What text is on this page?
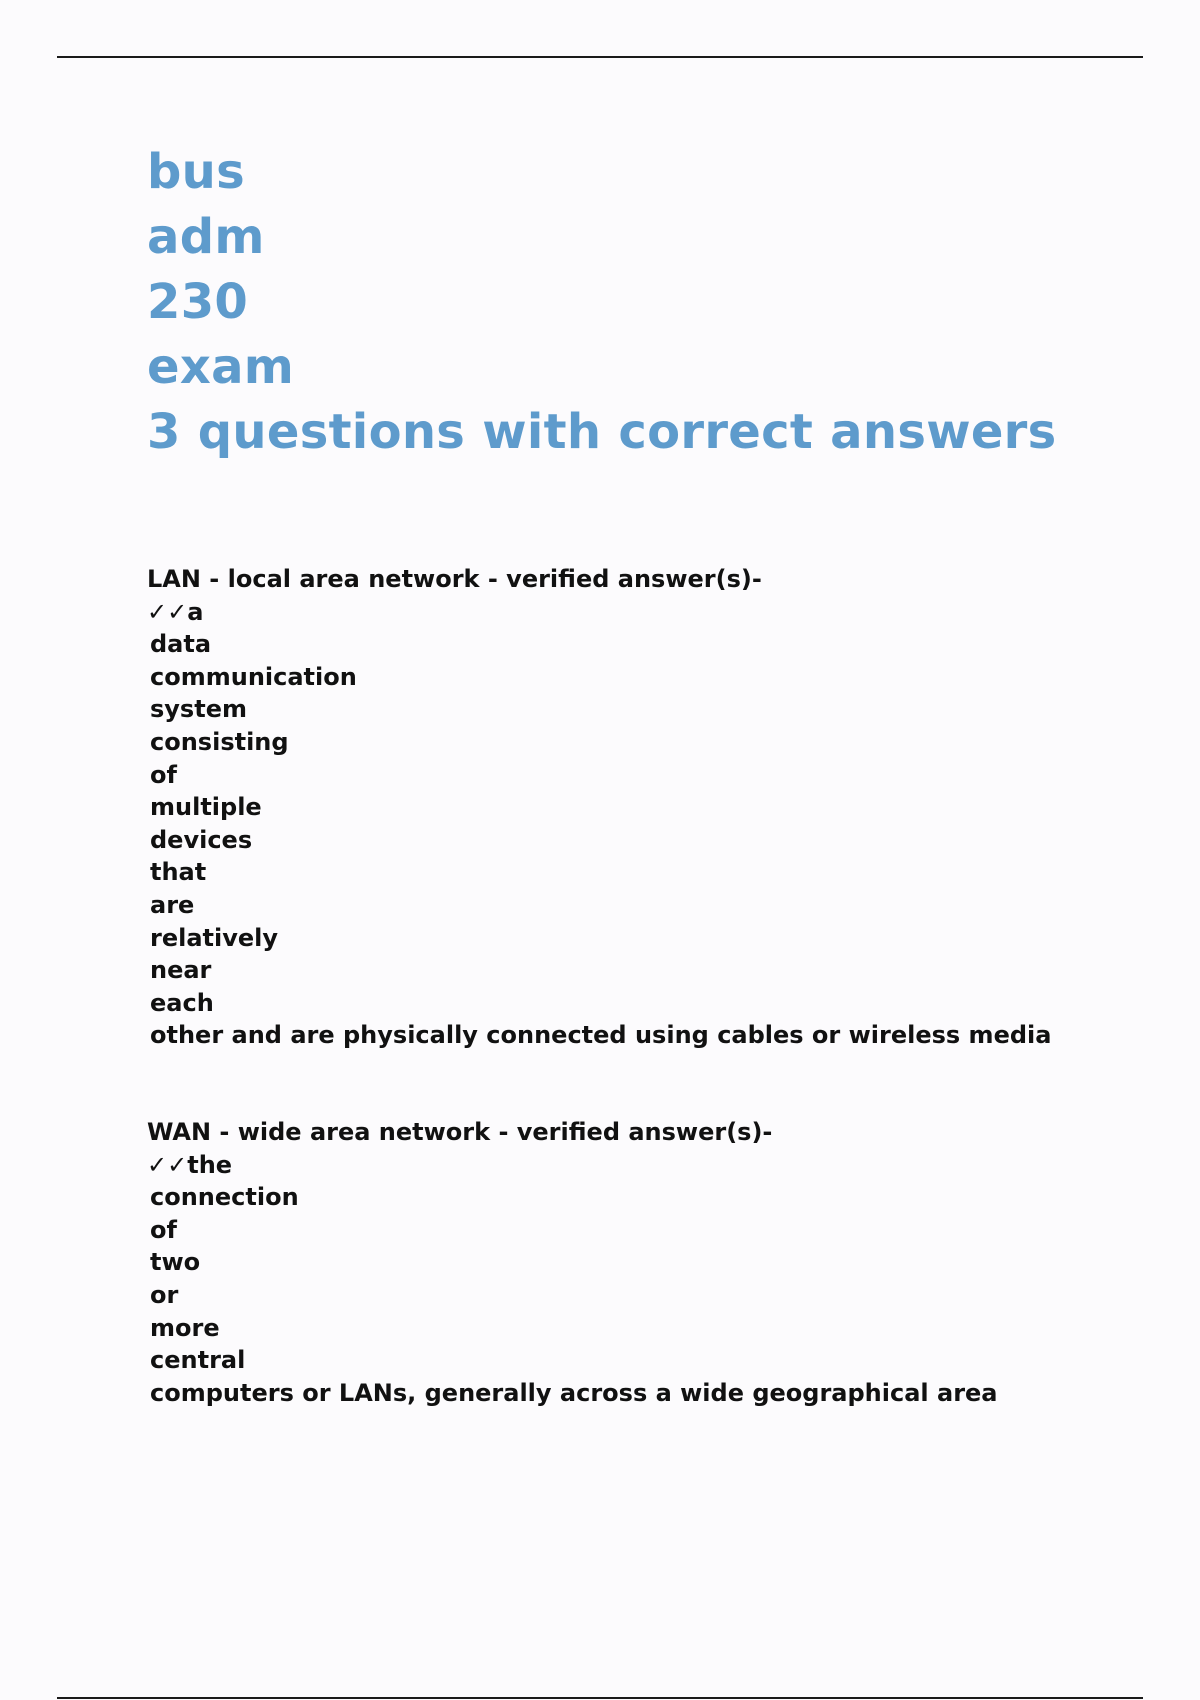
bus
adm
230
exam
3 questions with correct answers
LAN - local area network - verified answer(s)-
✓✓a
data
communication
system
consisting
of
multiple
devices
that
are
relatively
near
each
other and are physically connected using cables or wireless media
WAN - wide area network - verified answer(s)-
✓✓the
connection
of
two
or
more
central
computers or LANs, generally across a wide geographical area
